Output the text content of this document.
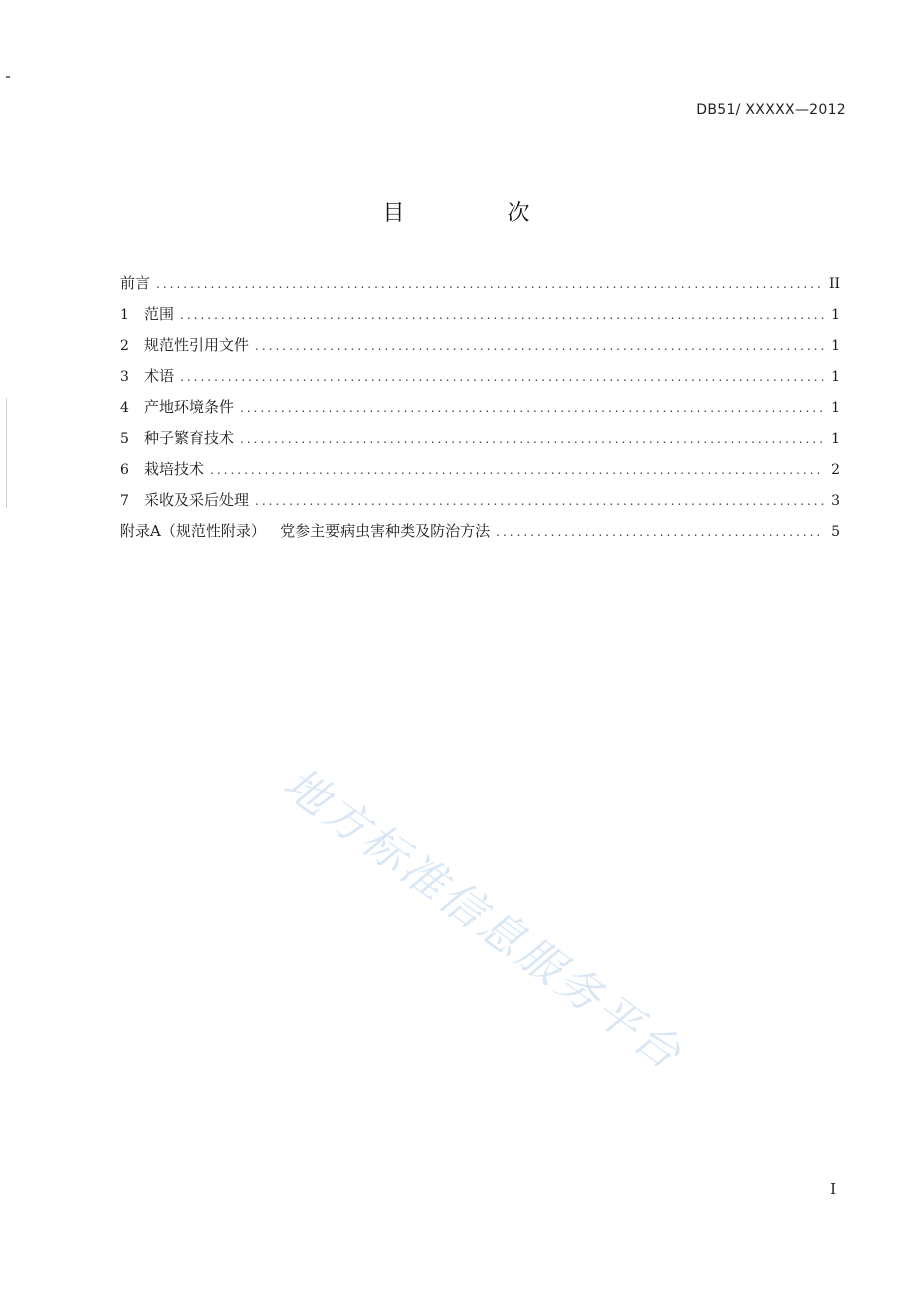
DB51/ XXXXX—2012
目 次
前言 .....	II
1	范围 .....	1
2	规范性引用文件 .....	1
3	术语 .....	1
4	产地环境条件 .....	1
5	种子繁育技术 .....	1
6	栽培技术 .....	2
7	采收及采后处理 .....	3
附录A（规范性附录）   党参主要病虫害种类及防治方法 .....	5
地方标准信息服务平台
I
